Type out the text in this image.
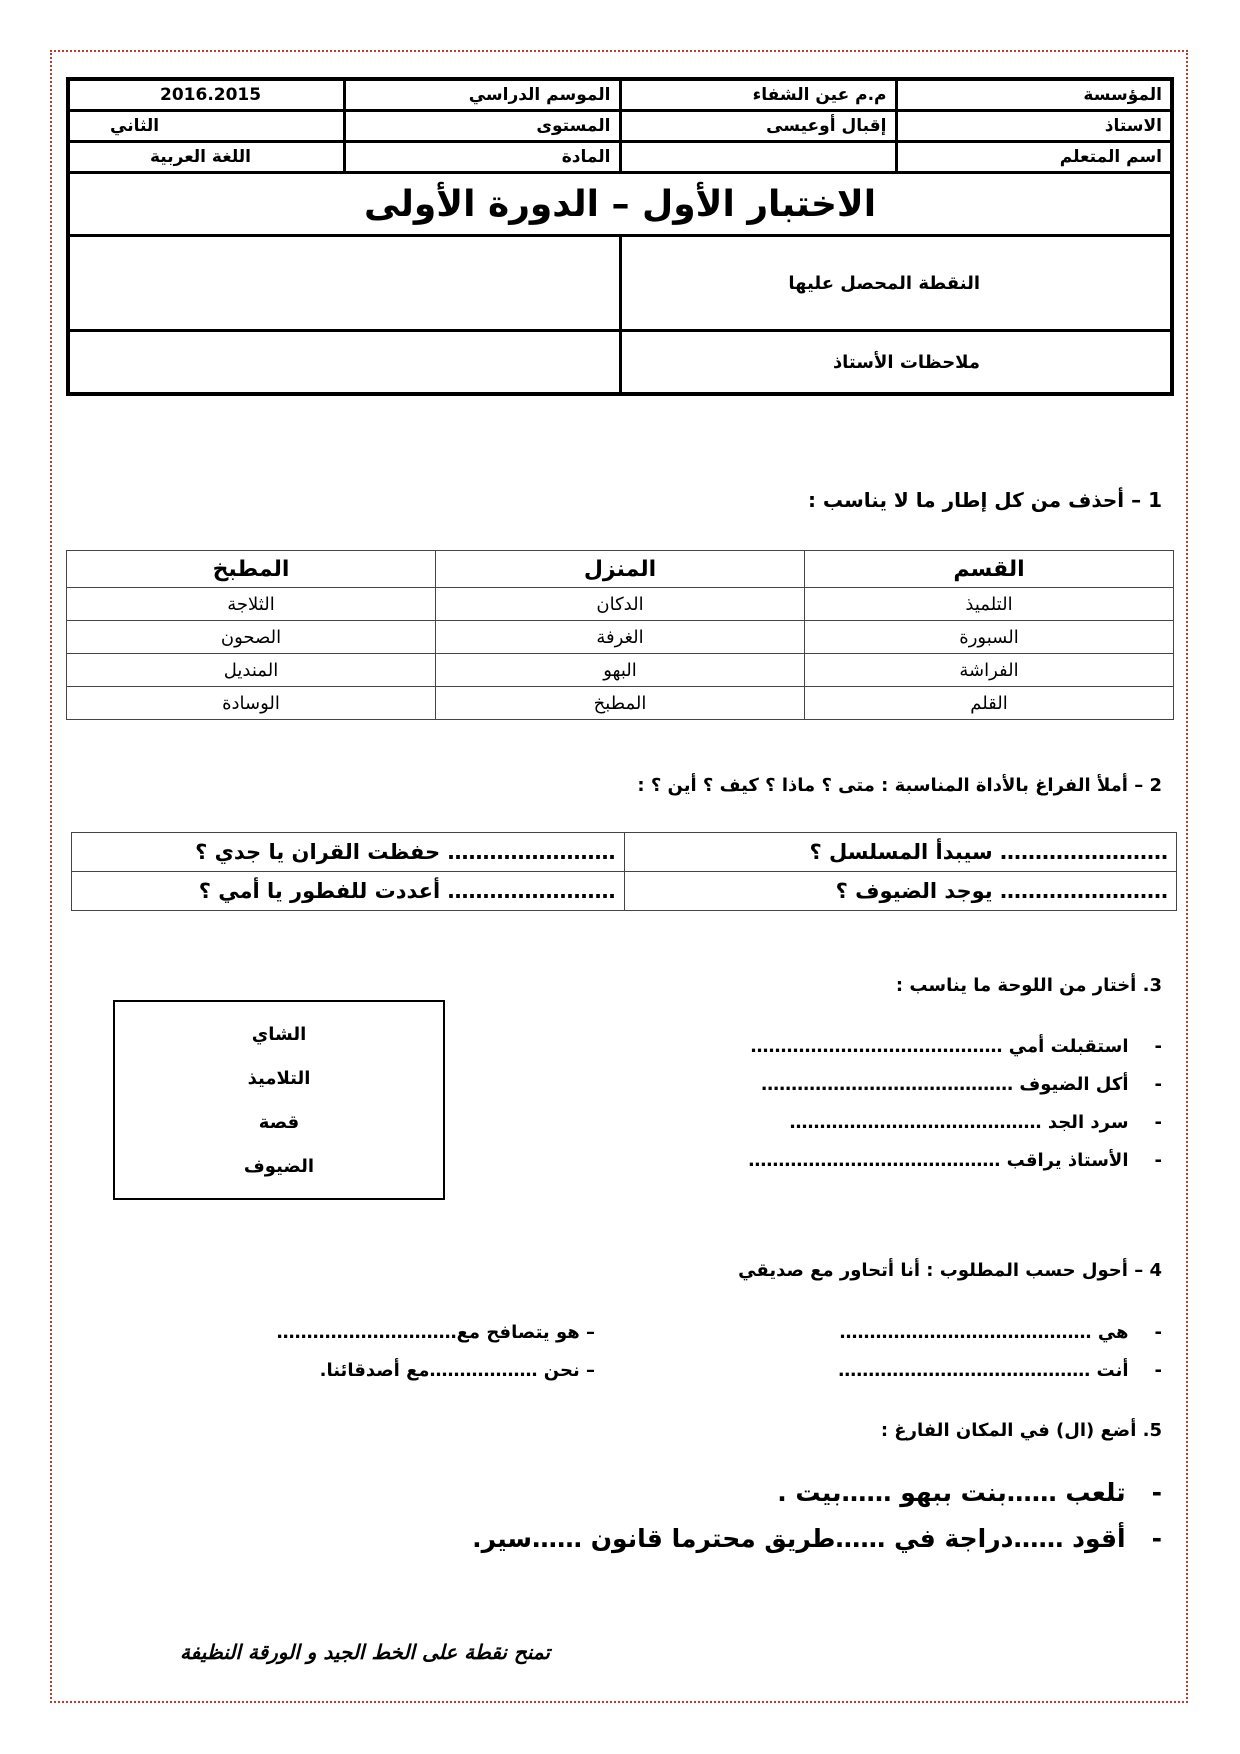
المؤسسة	م.م عين الشفاء	الموسم الدراسي	2016.2015
الاستاذ	إقبال أوعيسى	المستوى	الثاني
اسم المتعلم		المادة	اللغة العربية
الاختبار الأول – الدورة الأولى			
النقطة المحصل عليها			
ملاحظات الأستاذ			
1 – أحذف من كل إطار ما لا يناسب :
القسم	المنزل	المطبخ
التلميذ	الدكان	الثلاجة
السبورة	الغرفة	الصحون
الفراشة	البهو	المنديل
القلم	المطبخ	الوسادة
2 – أملأ الفراغ بالأداة المناسبة : متى ؟ ماذا ؟ كيف ؟ أين ؟ :
…………………… سيبدأ المسلسل ؟	…………………… حفظت القران يا جدي ؟
…………………… يوجد الضيوف ؟	…………………… أعددت للفطور يا أمي ؟
3. أختار من اللوحة ما يناسب :
-استقبلت أمي ……………………………………
-أكل الضيوف ……………………………………
-سرد الجد ……………………………………
-الأستاذ يراقب ……………………………………
الشاي
التلاميذ
قصة
الضيوف
4 – أحول حسب المطلوب : أنا أتحاور مع صديقي
-هي ……………………………………
-أنت ……………………………………
– هو يتصافح مع…………………………
– نحن ………………مع أصدقائنا.
5. أضع (ال) في المكان الفارغ :
-تلعب ……بنت ببهو ……بيت .
-أقود ……دراجة في ……طريق محترما قانون ……سير.
تمنح نقطة على الخط الجيد و الورقة النظيفة
